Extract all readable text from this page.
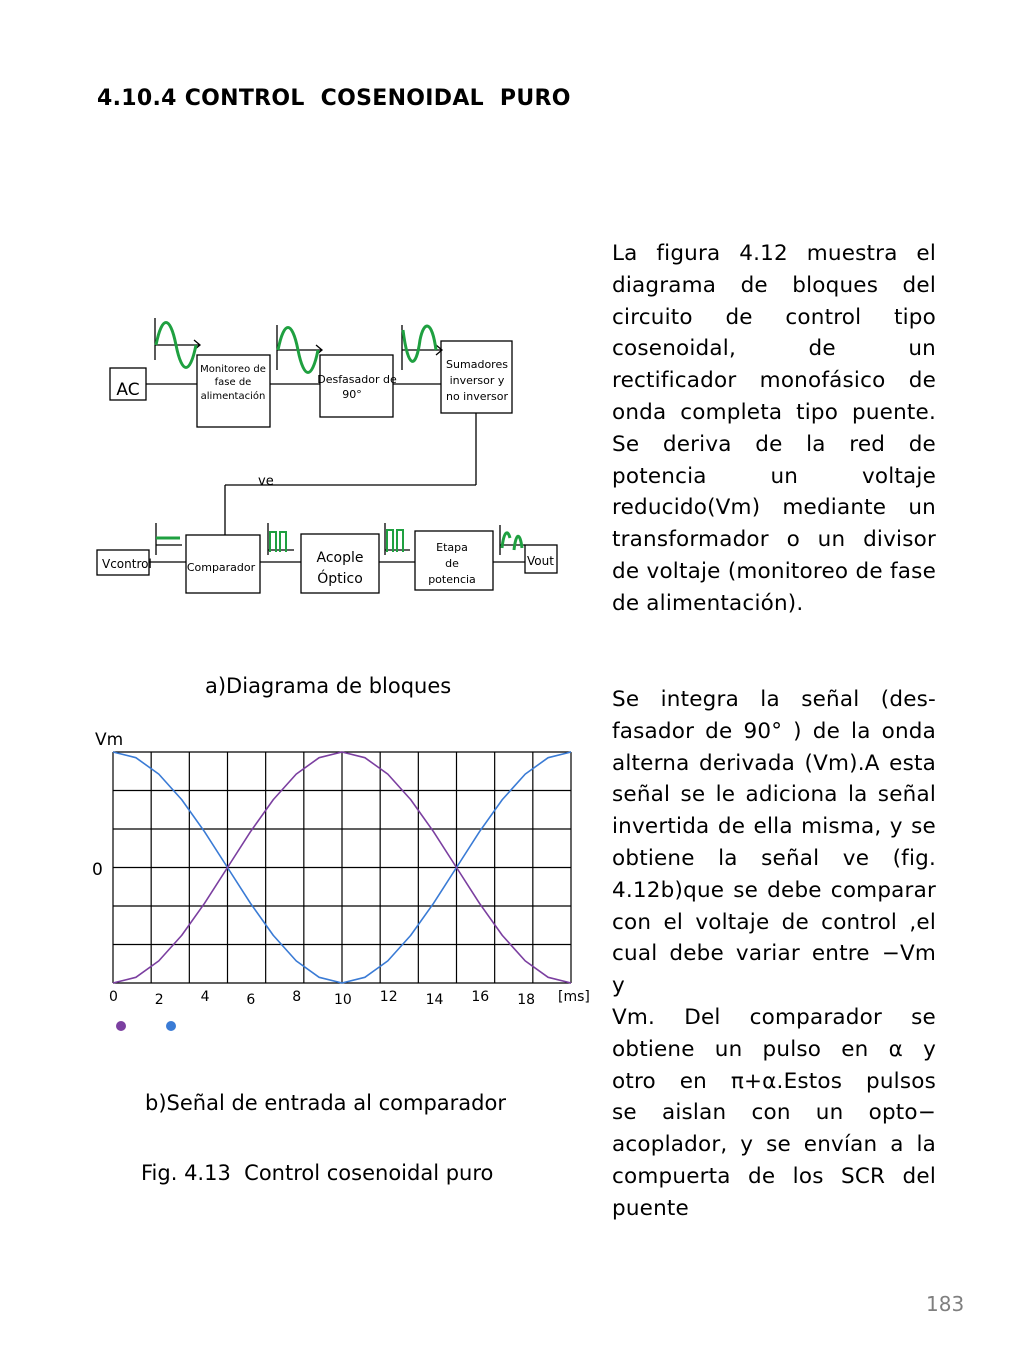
4.10.4 CONTROL  COSENOIDAL  PURO
La figura 4.12 muestra el
diagrama de bloques del
circuito de control tipo
cosenoidal, de un
rectificador monofásico de
onda completa tipo puente.
Se deriva de la red de
potencia un voltaje
reducido(Vm) mediante un
transformador o un divisor
de voltaje (monitoreo de fase
de alimentación).
Se integra la señal (des-
fasador de 90° ) de la onda
alterna derivada (Vm).A esta
señal se le adiciona la señal
invertida de ella misma, y se
obtiene la señal ve (fig.
4.12b)que se debe comparar
con el voltaje de control ,el
cual debe variar entre −Vm y
Vm. Del comparador se
obtiene un pulso en α y
otro en π+α.Estos pulsos
se aislan con un opto−
acoplador, y se envían a la
compuerta de los SCR del
puente
AC
Monitoreo de
fase de
alimentación
Desfasador de
90°
Sumadores
inversor y
no inversor
Comparador
Acople
Óptico
Etapa
de
potencia
ve
Vcontrol	Vout
a)Diagrama de bloques
0	2	4	6	8 10 12 14 16 18
Vm
0
[ms]
b)Señal de entrada al comparador
Fig. 4.13  Control cosenoidal puro
183
